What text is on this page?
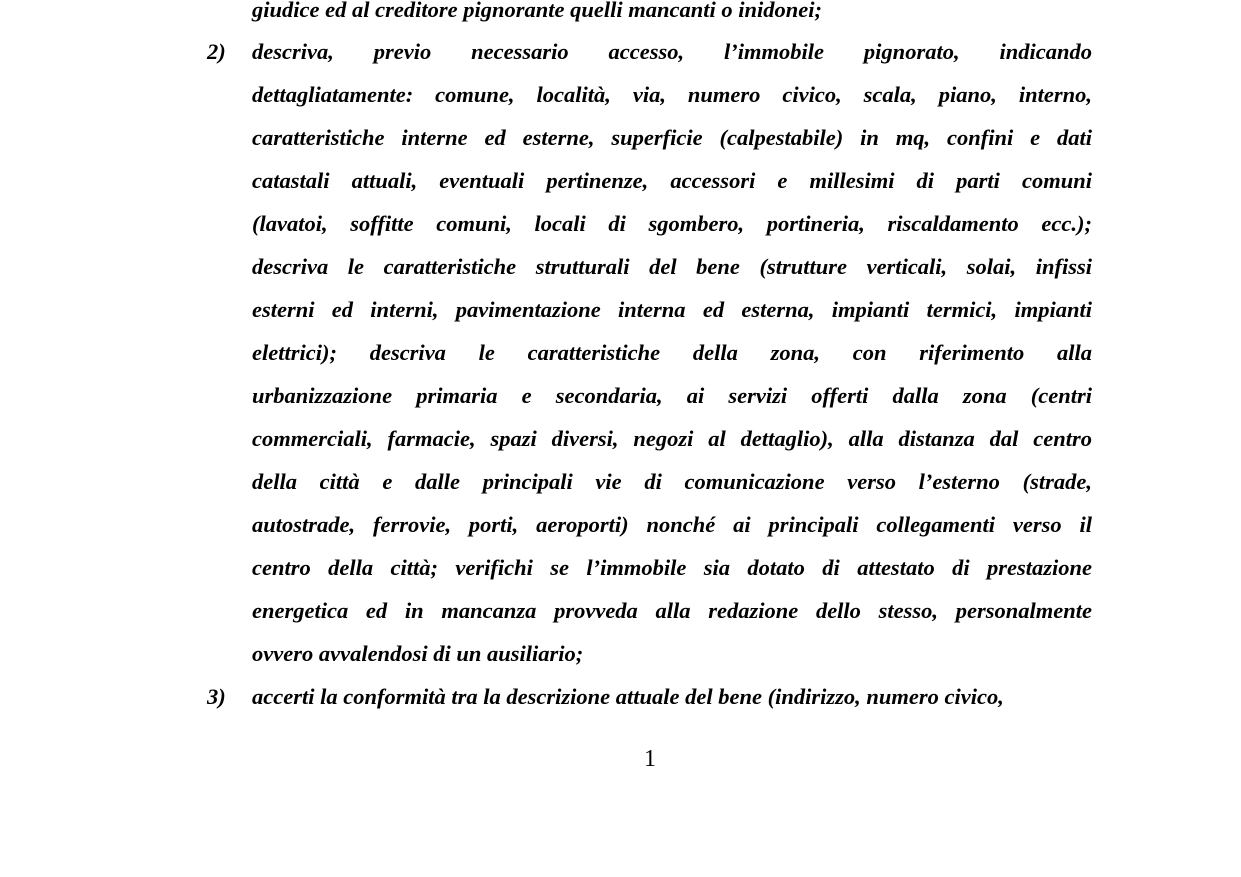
giudice ed al creditore pignorante quelli mancanti o inidonei;
2) descriva, previo necessario accesso, l’immobile pignorato, indicando
dettagliatamente: comune, località, via, numero civico, scala, piano, interno,
caratteristiche interne ed esterne, superficie (calpestabile) in mq, confini e dati
catastali attuali, eventuali pertinenze, accessori e millesimi di parti comuni
(lavatoi, soffitte comuni, locali di sgombero, portineria, riscaldamento ecc.);
descriva le caratteristiche strutturali del bene (strutture verticali, solai, infissi
esterni ed interni, pavimentazione interna ed esterna, impianti termici, impianti
elettrici); descriva le caratteristiche della zona, con riferimento alla
urbanizzazione primaria e secondaria, ai servizi offerti dalla zona (centri
commerciali, farmacie, spazi diversi, negozi al dettaglio), alla distanza dal centro
della città e dalle principali vie di comunicazione verso l’esterno (strade,
autostrade, ferrovie, porti, aeroporti) nonché ai principali collegamenti verso il
centro della città; verifichi se l’immobile sia dotato di attestato di prestazione
energetica ed in mancanza provveda alla redazione dello stesso, personalmente
ovvero avvalendosi di un ausiliario;
3) accerti la conformità tra la descrizione attuale del bene (indirizzo, numero civico,
1
